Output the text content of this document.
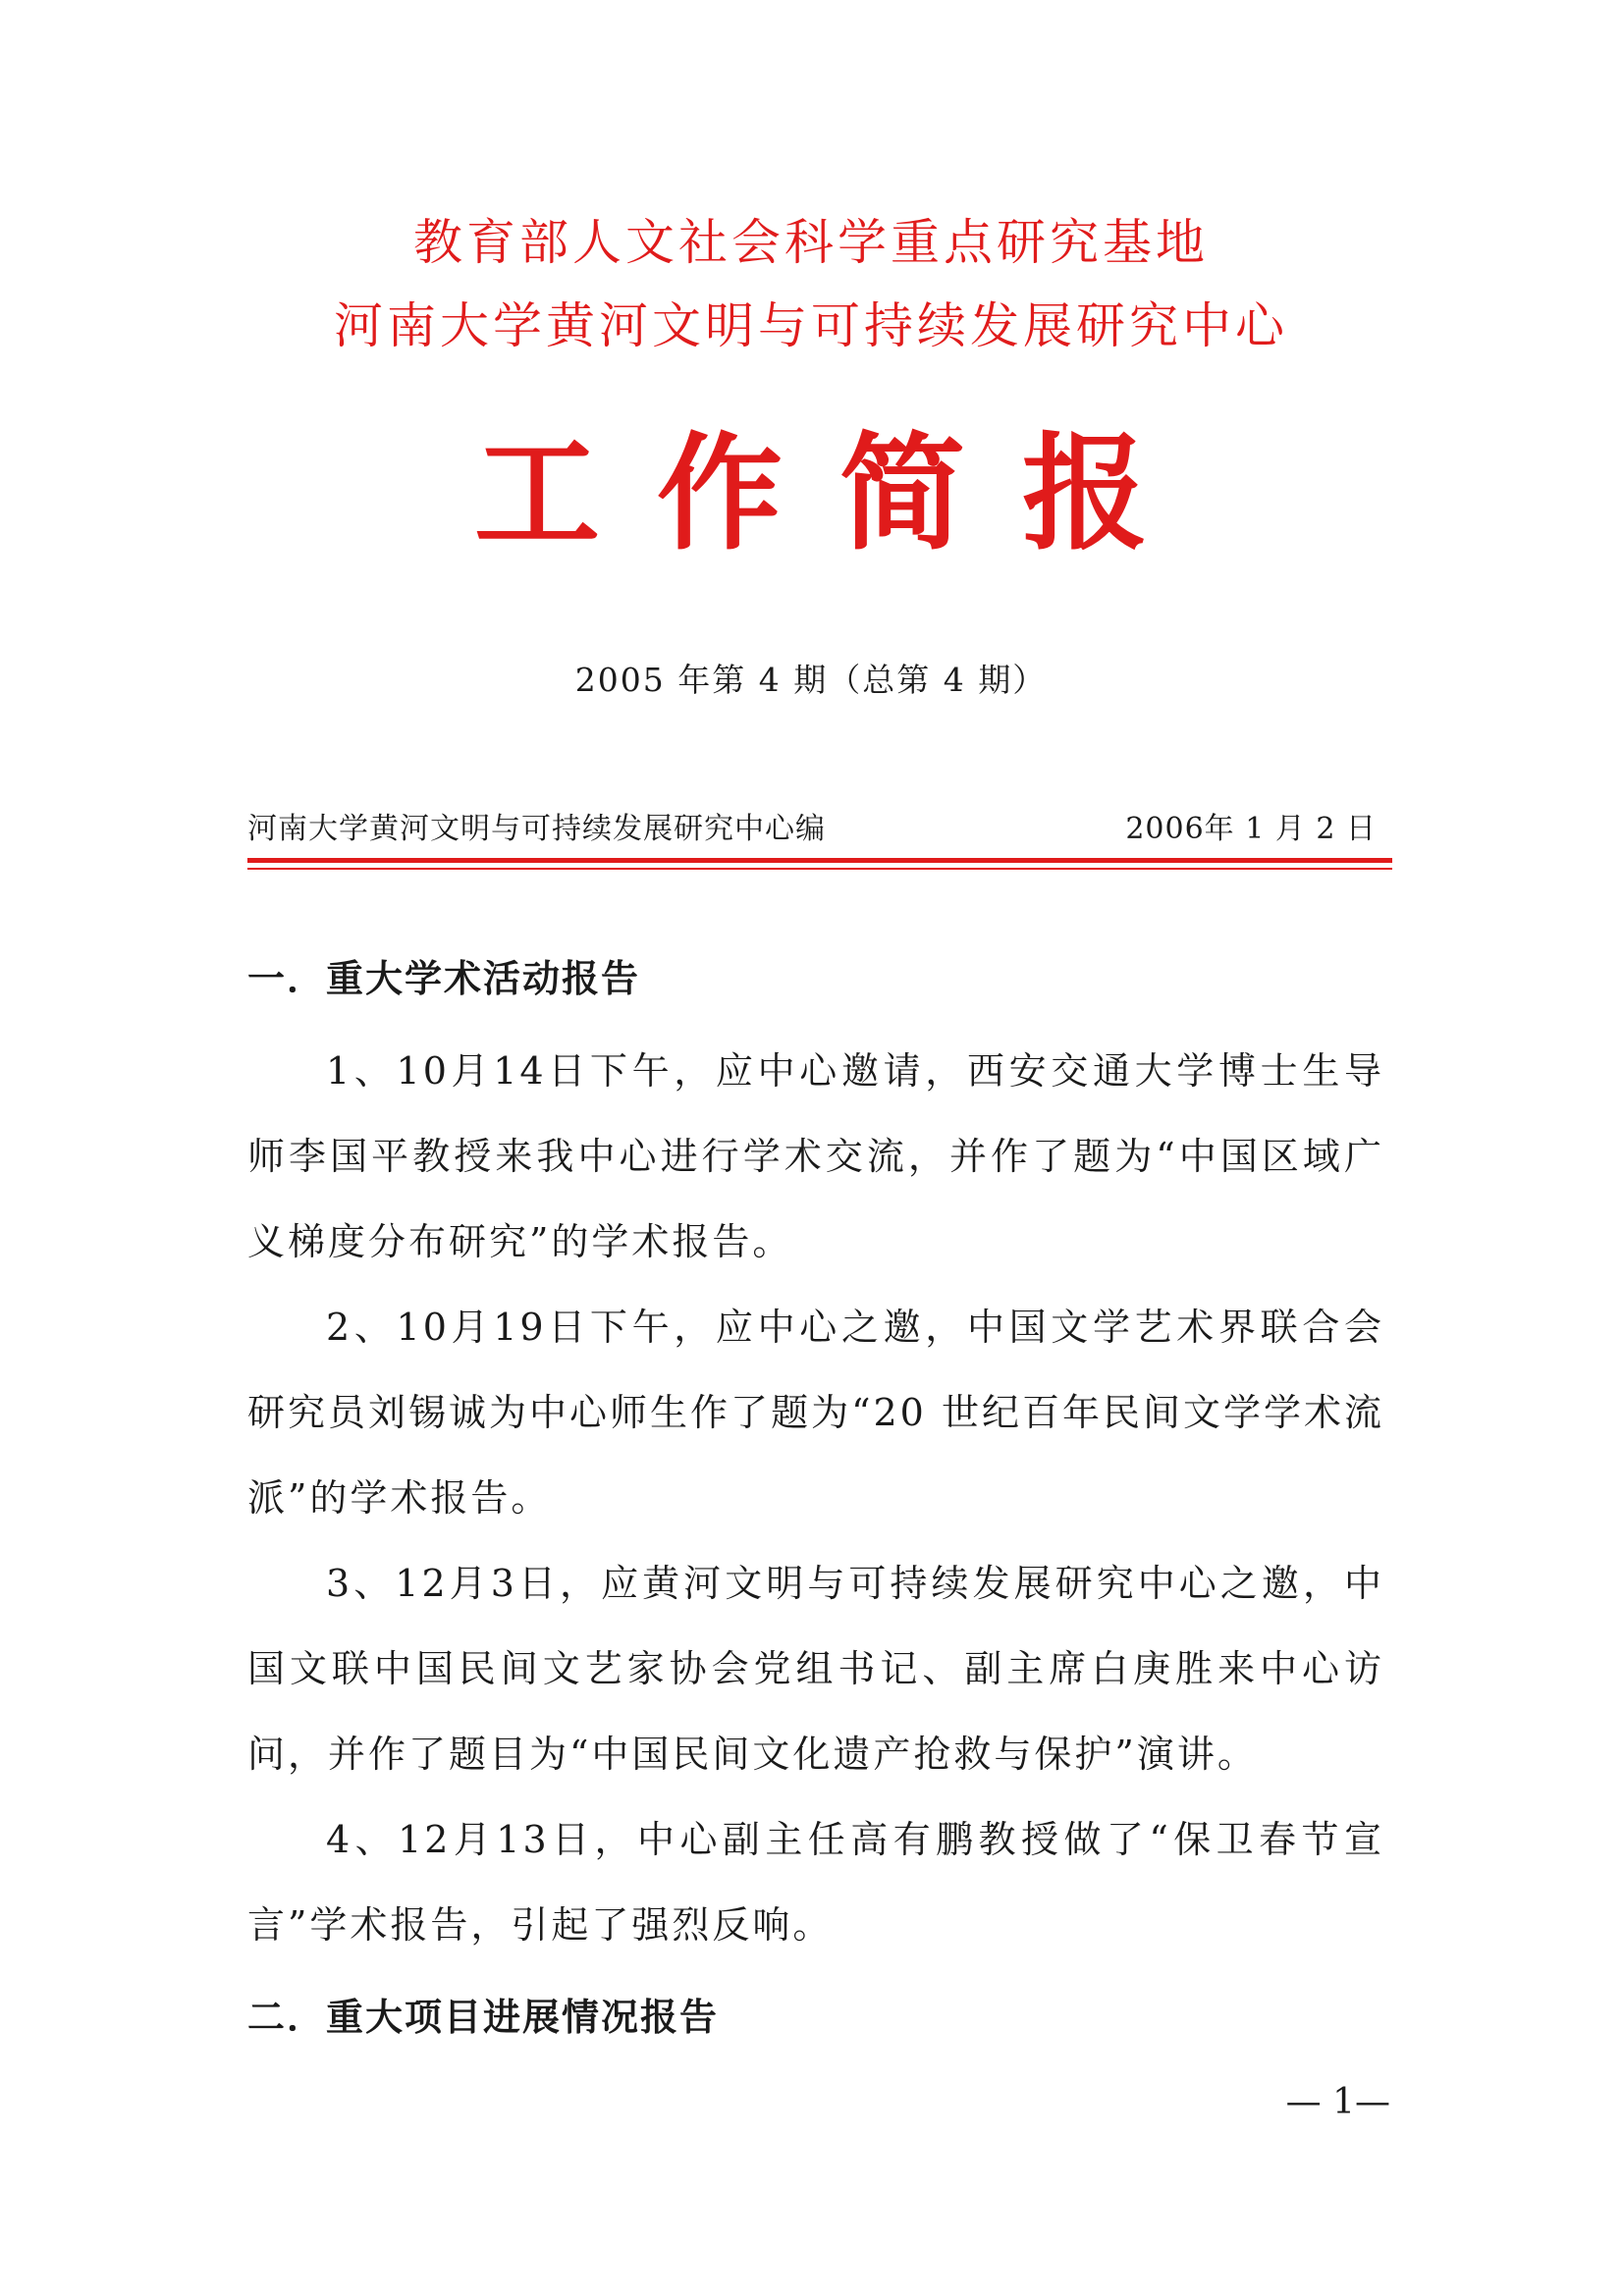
教育部人文社会科学重点研究基地
河南大学黄河文明与可持续发展研究中心
工作简报
2005 年第 4 期（总第 4 期）
河南大学黄河文明与可持续发展研究中心编	2006年 1 月 2 日
一．重大学术活动报告

1、10月14日下午，应中心邀请，西安交通大学博士生导师李国平教授来我中心进行学术交流，并作了题为“中国区域广义梯度分布研究”的学术报告。

2、10月19日下午，应中心之邀，中国文学艺术界联合会研究员刘锡诚为中心师生作了题为“20 世纪百年民间文学学术流派”的学术报告。

3、12月3日，应黄河文明与可持续发展研究中心之邀，中国文联中国民间文艺家协会党组书记、副主席白庚胜来中心访问，并作了题目为“中国民间文化遗产抢救与保护”演讲。

4、12月13日，中心副主任高有鹏教授做了“保卫春节宣言”学术报告，引起了强烈反响。

二．重大项目进展情况报告
— 1—
